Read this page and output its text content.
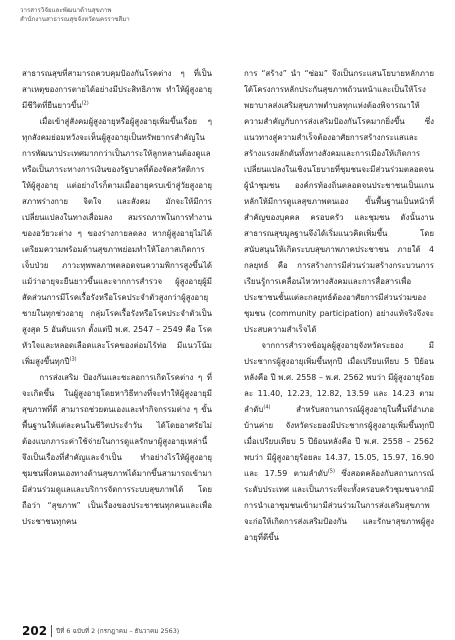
วารสารวิจัยและพัฒนาด้านสุขภาพ
สำนักงานสาธารณสุขจังหวัดนครราชสีมา

สาธารณสุขที่สามารถควบคุมป้องกันโรคต่าง ๆ ที่เป็นสาเหตุของการตายได้อย่างมีประสิทธิภาพ ทำให้ผู้สูงอายุมีชีวิตที่ยืนยาวขึ้น$^{(2)}$

เมื่อเข้าสู่สังคมผู้สูงอายุหรือผู้สูงอายุเพิ่มขึ้นเรื่อย ๆ ทุกสังคมย่อมหวังจะเห็นผู้สูงอายุเป็นทรัพยากรสำคัญในการพัฒนาประเทศมากกว่าเป็นภาระให้ลูกหลานต้องดูแลหรือเป็นภาระทางการเงินของรัฐบาลที่ต้องจัดสวัสดิการให้ผู้สูงอายุ แต่อย่างไรก็ตามเมื่ออายุครบเข้าสู่วัยสูงอายุ สภาพร่างกาย จิตใจ และสังคม มักจะให้มีการเปลี่ยนแปลงในทางเสื่อมลง สมรรถภาพในการทำงานของอวัยวะต่าง ๆ ของร่างกายลดลง หากผู้สูงอายุไม่ได้เตรียมความพร้อมด้านสุขภาพย่อมทำให้โอกาสเกิดการเจ็บป่วย ภาวะทุพพลภาพตลอดจนความพิการสูงขึ้นได้แม้ว่าอายุจะยืนยาวขึ้นและจากการสำรวจ ผู้สูงอายุผู้มีสัดส่วนการมีโรคเรื้อรังหรือโรคประจำตัวสูงกว่าผู้สูงอายุชายในทุกช่วงอายุ กลุ่มโรคเรื้อรังหรือโรคประจำตัวเป็นสูงสุด 5 อันดับแรก ตั้งแต่ปี พ.ศ. 2547 – 2549 คือ โรคหัวใจและหลอดเลือดและโรคของต่อมไร้ท่อ มีแนวโน้มเพิ่มสูงขึ้นทุกปี$^{(3)}$

การส่งเสริม ป้องกันและชะลอการเกิดโรคต่าง ๆ ที่จะเกิดขึ้น ในผู้สูงอายุโดยหาวิธีทางที่จะทำให้ผู้สูงอายุมีสุขภาพที่ดี สามารถช่วยตนเองและทำกิจกรรมต่าง ๆ ขั้นพื้นฐานให้แต่ละคนในชีวิตประจำวัน ได้โดยอาศรัยไม่ต้องแบกภาระค่าใช้จ่ายในการดูแลรักษาผู้สูงอายุเหล่านี้จึงเป็นเรื่องที่สำคัญและจำเป็น ทำอย่างไรให้ผู้สูงอายุชุมชนพึ่งตนเองทางด้านสุขภาพได้มากขึ้นสามารถเข้ามามีส่วนร่วมดูแลและบริการจัดการระบบสุขภาพได้ โดยถือว่า “สุขภาพ” เป็นเรื่องของประชาชนทุกคนและเพื่อประชาชนทุกคน

การ “สร้าง” นำ “ซ่อม” จึงเป็นกระแสนโยบายหลักภายใต้โครงการหลักประกันสุขภาพถ้วนหน้าและเป็นให้โรงพยาบาลส่งเสริมสุขภาพตำบลทุกแห่งต้องพิจารณาให้ความสำคัญกับการส่งเสริมป้องกันโรคมากยิ่งขึ้น ซึ่งแนวทางสู่ความสำเร็จต้องอาศัยการสร้างกระแสและสร้างแรงผลักดันทั้งทางสังคมและการเมืองให้เกิดการเปลี่ยนแปลงในเชิงนโยบายที่ชุมชนจะมีส่วนร่วมตลอดจนผู้นำชุมชน องค์กรท้องถิ่นตลอดจนประชาชนเป็นแกนหลักให้มีการดูแลสุขภาพตนเอง ขั้นพื้นฐานเป็นหน้าที่สำคัญของบุคคล ครอบครัว และชุมชน ดังนั้นงานสาธารณสุขมูลฐานจึงได้เริ่มแนวคิดเพิ่มขึ้น โดยสนับสนุนให้เกิดระบบสุขภาพภาคประชาชน ภายใต้ 4 กลยุทธ์ คือ การสร้างการมีส่วนร่วมสร้างกระบวนการเรียนรู้การเคลื่อนไหวทางสังคมและการสื่อสารเพื่อประชาชนชั้นแต่ละกลยุทธ์ต้องอาศัยการมีส่วนร่วมของชุมชน (community participation) อย่างแท้จริงจึงจะประสบความสำเร็จได้

จากการสำรวจข้อมูลผู้สูงอายุจังหวัดระยอง มีประชากรผู้สูงอายุเพิ่มขึ้นทุกปี เมื่อเปรียบเทียบ 5 ปีย้อนหลังคือ ปี พ.ศ. 2558 – พ.ศ. 2562 พบว่า มีผู้สูงอายุร้อยละ 11.40, 12.23, 12.82, 13.59 และ 14.23 ตามลำดับ$^{(4)}$ สำหรับสถานการณ์ผู้สูงอายุในพื้นที่อำเภอบ้านค่าย จังหวัดระยองมีประชากรผู้สูงอายุเพิ่มขึ้นทุกปี เมื่อเปรียบเทียบ 5 ปีย้อนหลังคือ ปี พ.ศ. 2558 – 2562 พบว่า มีผู้สูงอายุร้อยละ 14.37, 15.05, 15.97, 16.90 และ 17.59 ตามลำดับ$^{(5)}$ ซึ่งสอดคล้องกับสถานการณ์ระดับประเทศ และเป็นภาระที่จะทั้งครอบครัวชุมชนจากมีการนำเอาชุมชนเข้ามามีส่วนร่วมในการส่งเสริมสุขภาพ จะก่อให้เกิดการส่งเสริมป้องกัน และรักษาสุขภาพผู้สูงอายุที่ดีขึ้น

202	ปีที่ 6 ฉบับที่ 2 (กรกฎาคม – ธันวาคม 2563)
